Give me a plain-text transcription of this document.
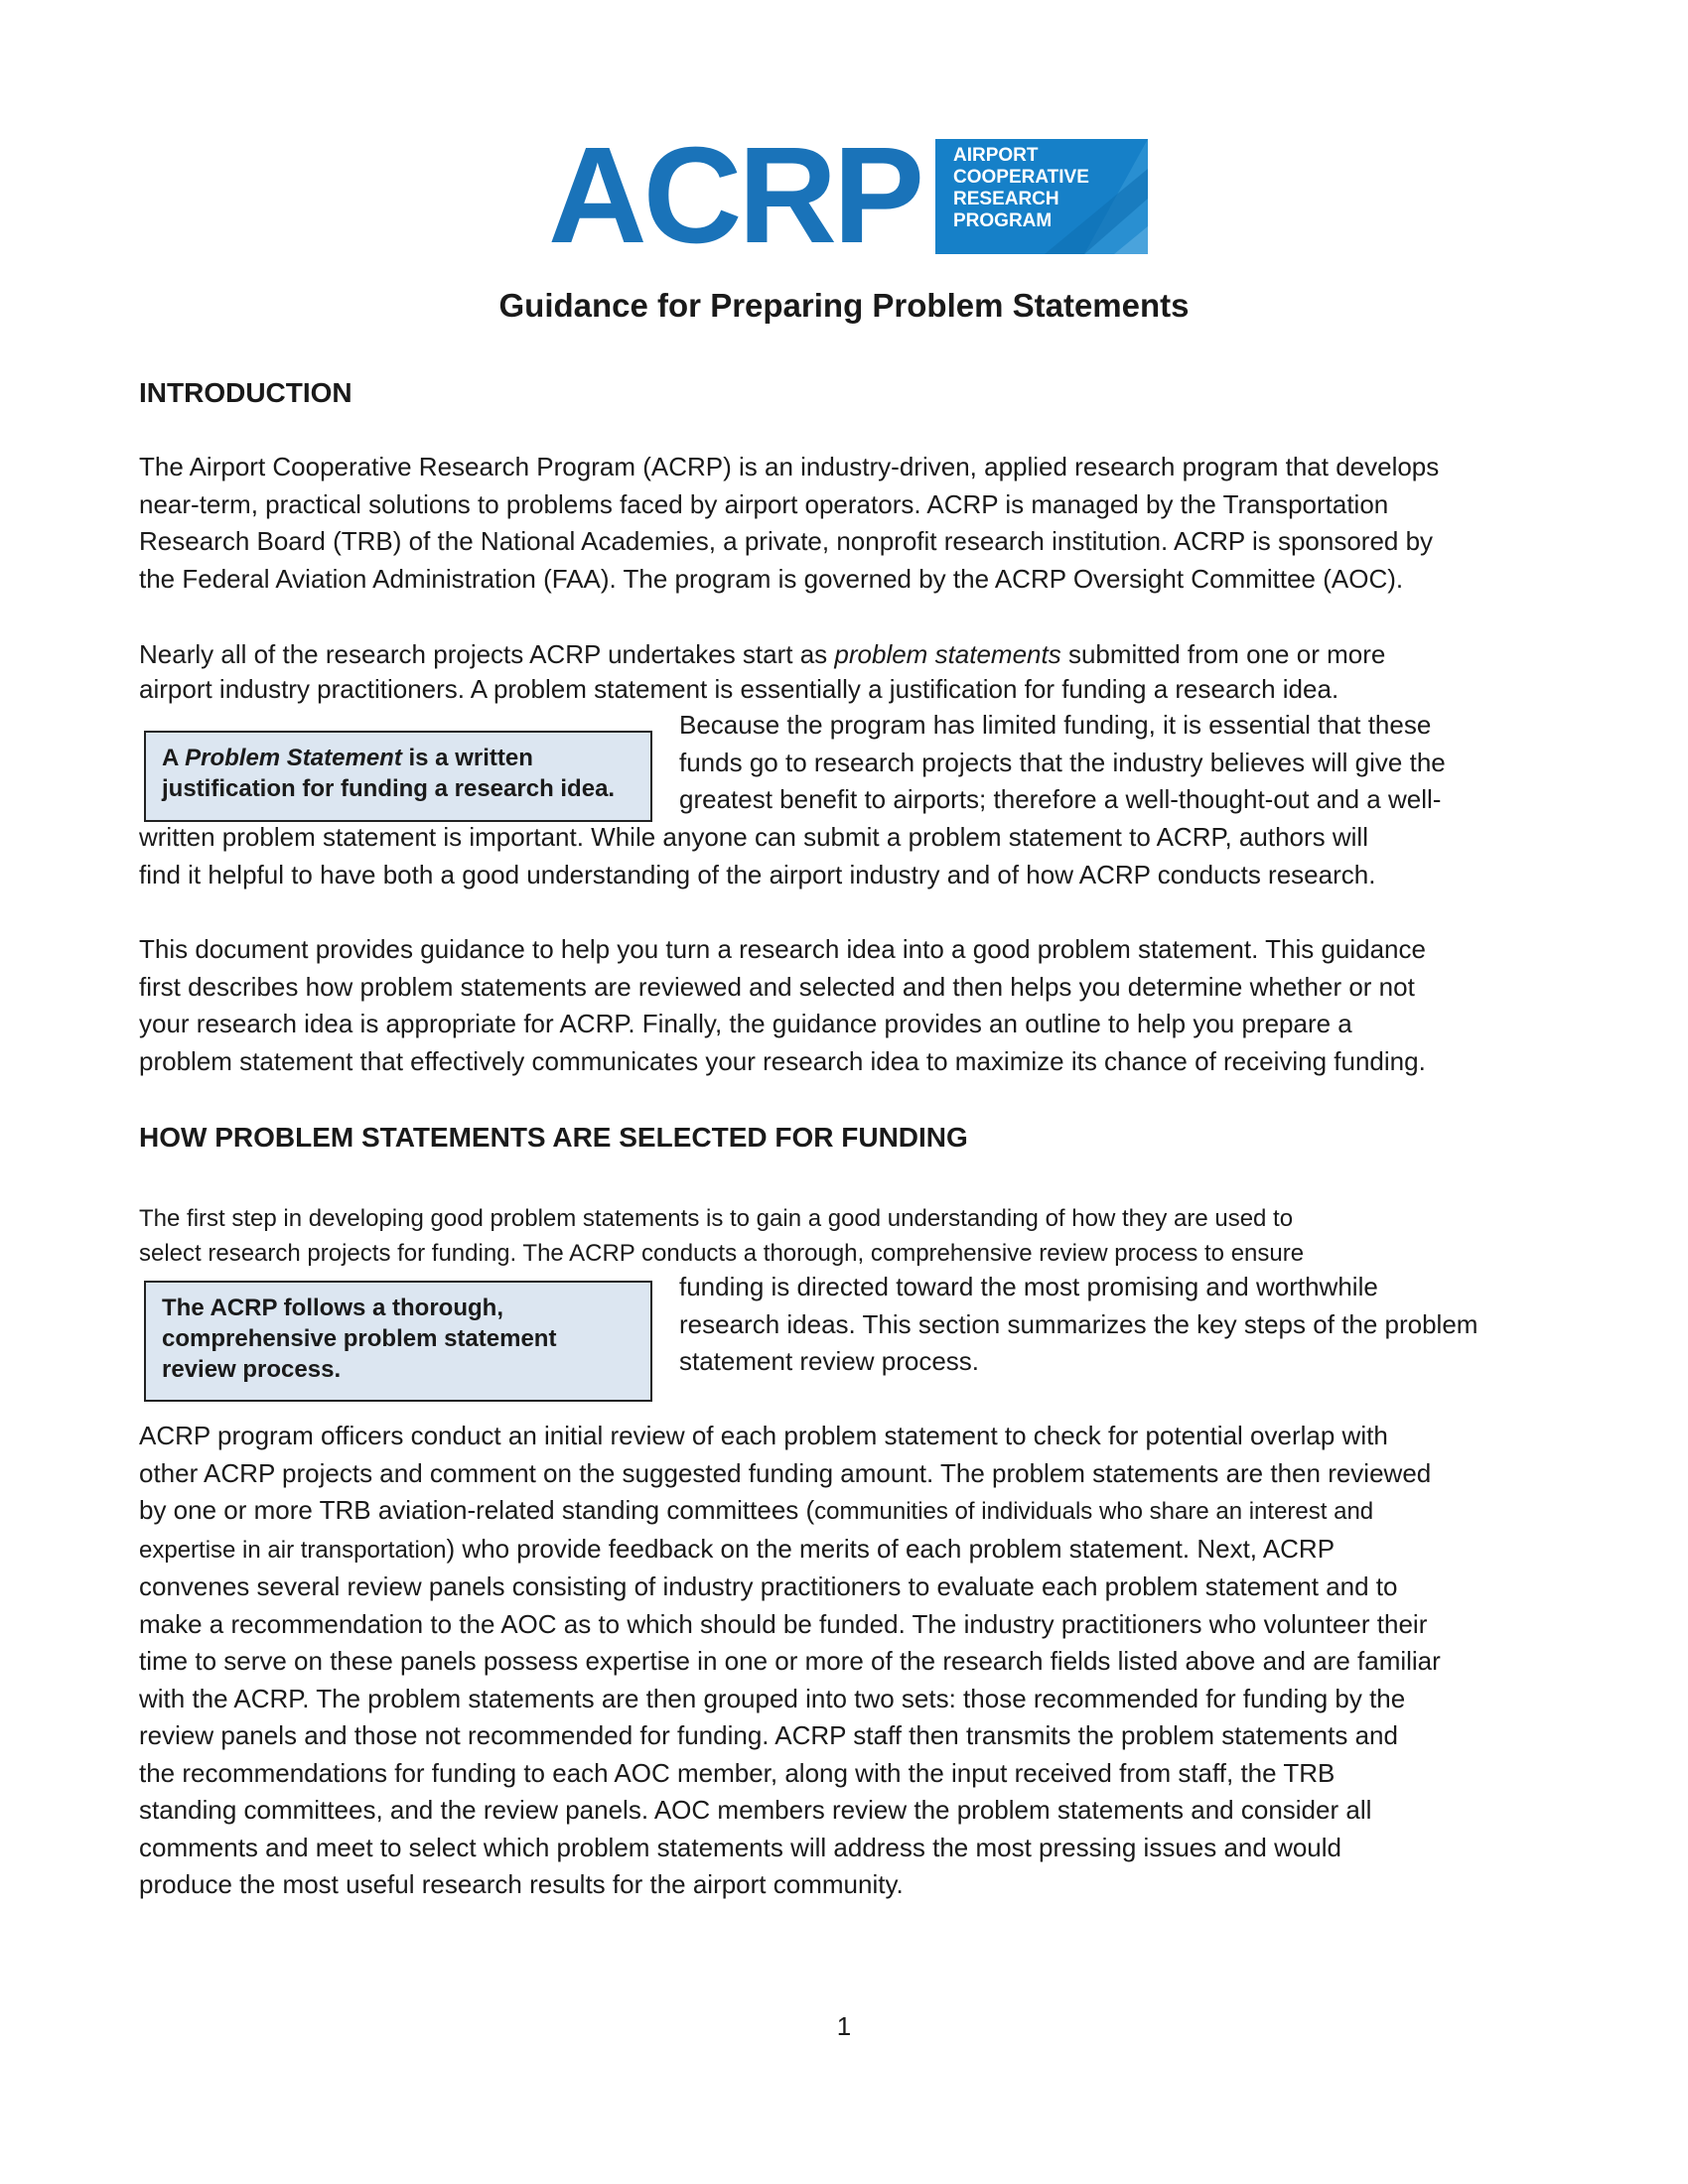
ACRP AIRPORT
COOPERATIVE
RESEARCH
PROGRAM
Guidance for Preparing Problem Statements
INTRODUCTION

The Airport Cooperative Research Program (ACRP) is an industry-driven, applied research program that develops
near-term, practical solutions to problems faced by airport operators. ACRP is managed by the Transportation
Research Board (TRB) of the National Academies, a private, nonprofit research institution. ACRP is sponsored by
the Federal Aviation Administration (FAA). The program is governed by the ACRP Oversight Committee (AOC).

Nearly all of the research projects ACRP undertakes start as problem statements submitted from one or more
airport industry practitioners. A problem statement is essentially a justification for funding a research idea.

A Problem Statement is a written
justification for funding a research idea.

Because the program has limited funding, it is essential that these
funds go to research projects that the industry believes will give the
greatest benefit to airports; therefore a well-thought-out and a well-

written problem statement is important. While anyone can submit a problem statement to ACRP, authors will
find it helpful to have both a good understanding of the airport industry and of how ACRP conducts research.

This document provides guidance to help you turn a research idea into a good problem statement. This guidance
first describes how problem statements are reviewed and selected and then helps you determine whether or not
your research idea is appropriate for ACRP. Finally, the guidance provides an outline to help you prepare a
problem statement that effectively communicates your research idea to maximize its chance of receiving funding.

HOW PROBLEM STATEMENTS ARE SELECTED FOR FUNDING

The first step in developing good problem statements is to gain a good understanding of how they are used to
select research projects for funding. The ACRP conducts a thorough, comprehensive review process to ensure

The ACRP follows a thorough,
comprehensive problem statement
review process.

funding is directed toward the most promising and worthwhile
research ideas. This section summarizes the key steps of the problem
statement review process.

ACRP program officers conduct an initial review of each problem statement to check for potential overlap with
other ACRP projects and comment on the suggested funding amount. The problem statements are then reviewed
by one or more TRB aviation-related standing committees (communities of individuals who share an interest and
expertise in air transportation) who provide feedback on the merits of each problem statement. Next, ACRP
convenes several review panels consisting of industry practitioners to evaluate each problem statement and to
make a recommendation to the AOC as to which should be funded. The industry practitioners who volunteer their
time to serve on these panels possess expertise in one or more of the research fields listed above and are familiar
with the ACRP. The problem statements are then grouped into two sets: those recommended for funding by the
review panels and those not recommended for funding. ACRP staff then transmits the problem statements and
the recommendations for funding to each AOC member, along with the input received from staff, the TRB
standing committees, and the review panels. AOC members review the problem statements and consider all
comments and meet to select which problem statements will address the most pressing issues and would
produce the most useful research results for the airport community.

1
